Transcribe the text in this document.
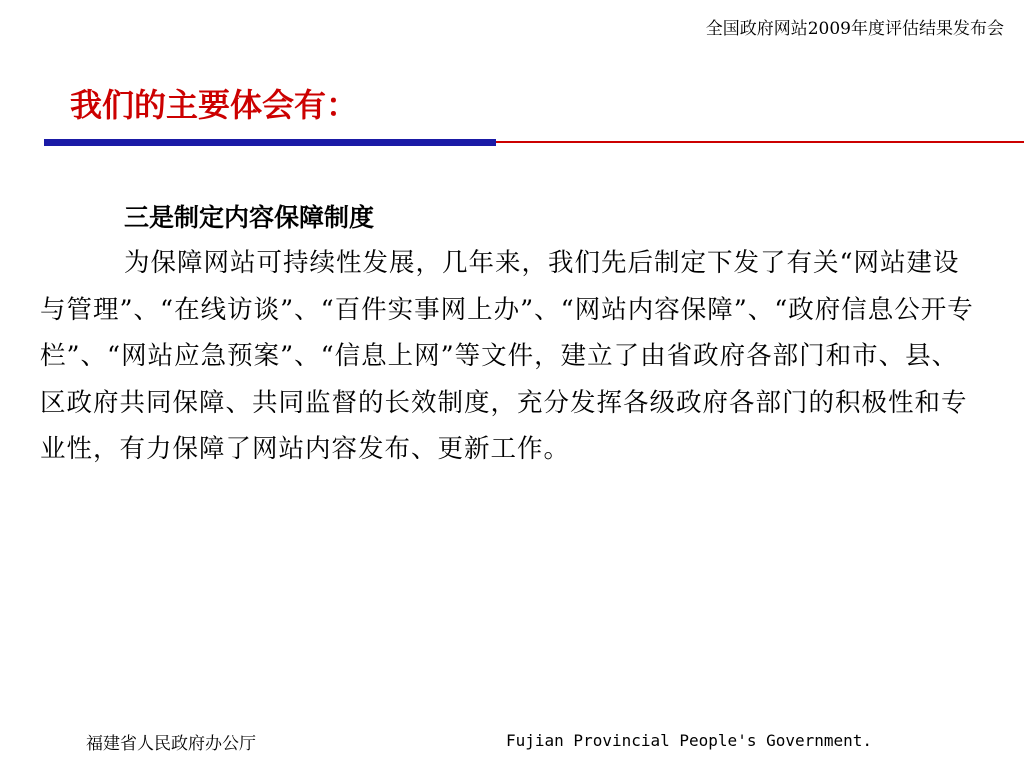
全国政府网站2009年度评估结果发布会
我们的主要体会有：
三是制定内容保障制度

为保障网站可持续性发展，几年来，我们先后制定下发了有关“网站建设与管理”、“在线访谈”、“百件实事网上办”、“网站内容保障”、“政府信息公开专栏”、“网站应急预案”、“信息上网”等文件，建立了由省政府各部门和市、县、区政府共同保障、共同监督的长效制度，充分发挥各级政府各部门的积极性和专业性，有力保障了网站内容发布、更新工作。

福建省人民政府办公厅	Fujian Provincial People's Government.
